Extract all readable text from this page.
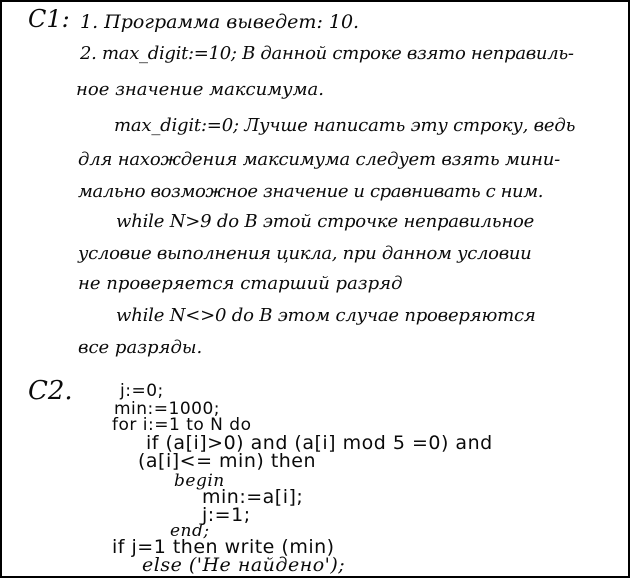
C1: 1. Программа выведет: 10.
2. max_digit:=10; В данной строке взято неправиль-
ное значение максимума.
max_digit:=0; Лучше написать эту строку, ведь
для нахождения максимума следует взять мини-
мально возможное значение и сравнивать с ним.
while N>9 do В этой строчке неправильное
условие выполнения цикла, при данном условии
не проверяется старший разряд
while N<>0 do В этом случае проверяются
все разряды.
C2.	j:=0;
min:=1000;
for i:=1 to N do
if (a[i]>0) and (a[i] mod 5 =0) and
(a[i]<= min) then
begin
min:=a[i];
j:=1;
end;
if j=1 then write (min)
else ('Не найдено');
